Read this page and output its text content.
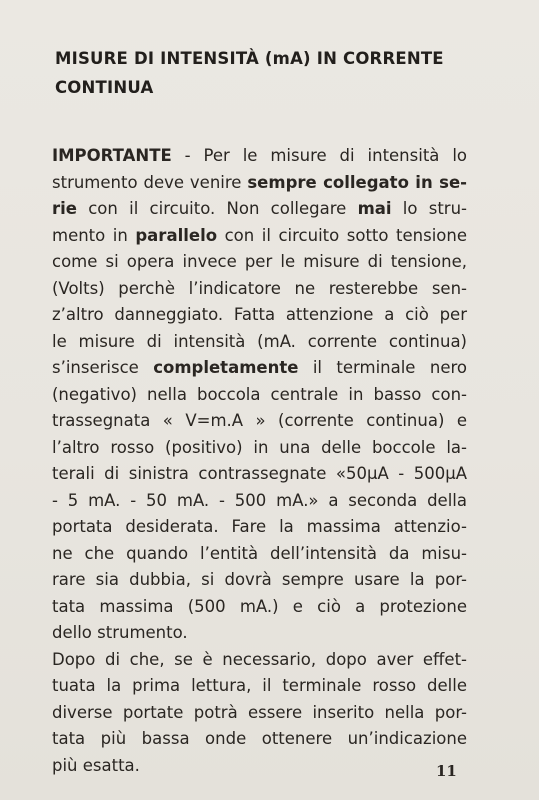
MISURE DI INTENSITÀ (mA) IN CORRENTE
CONTINUA
IMPORTANTE - Per le misure di intensità lo
strumento deve venire sempre collegato in se-
rie con il circuito. Non collegare mai lo stru-
mento in parallelo con il circuito sotto tensione
come si opera invece per le misure di tensione,
(Volts) perchè l’indicatore ne resterebbe sen-
z’altro danneggiato. Fatta attenzione a ciò per
le misure di intensità (mA. corrente continua)
s’inserisce completamente il terminale nero
(negativo) nella boccola centrale in basso con-
trassegnata « V=m.A » (corrente continua) e
l’altro rosso (positivo) in una delle boccole la-
terali di sinistra contrassegnate «50μA - 500μA
- 5 mA. - 50 mA. - 500 mA.» a seconda della
portata desiderata. Fare la massima attenzio-
ne che quando l’entità dell’intensità da misu-
rare sia dubbia, si dovrà sempre usare la por-
tata massima (500 mA.) e ciò a protezione
dello strumento.
Dopo di che, se è necessario, dopo aver effet-
tuata la prima lettura, il terminale rosso delle
diverse portate potrà essere inserito nella por-
tata più bassa onde ottenere un’indicazione
più esatta.	11
